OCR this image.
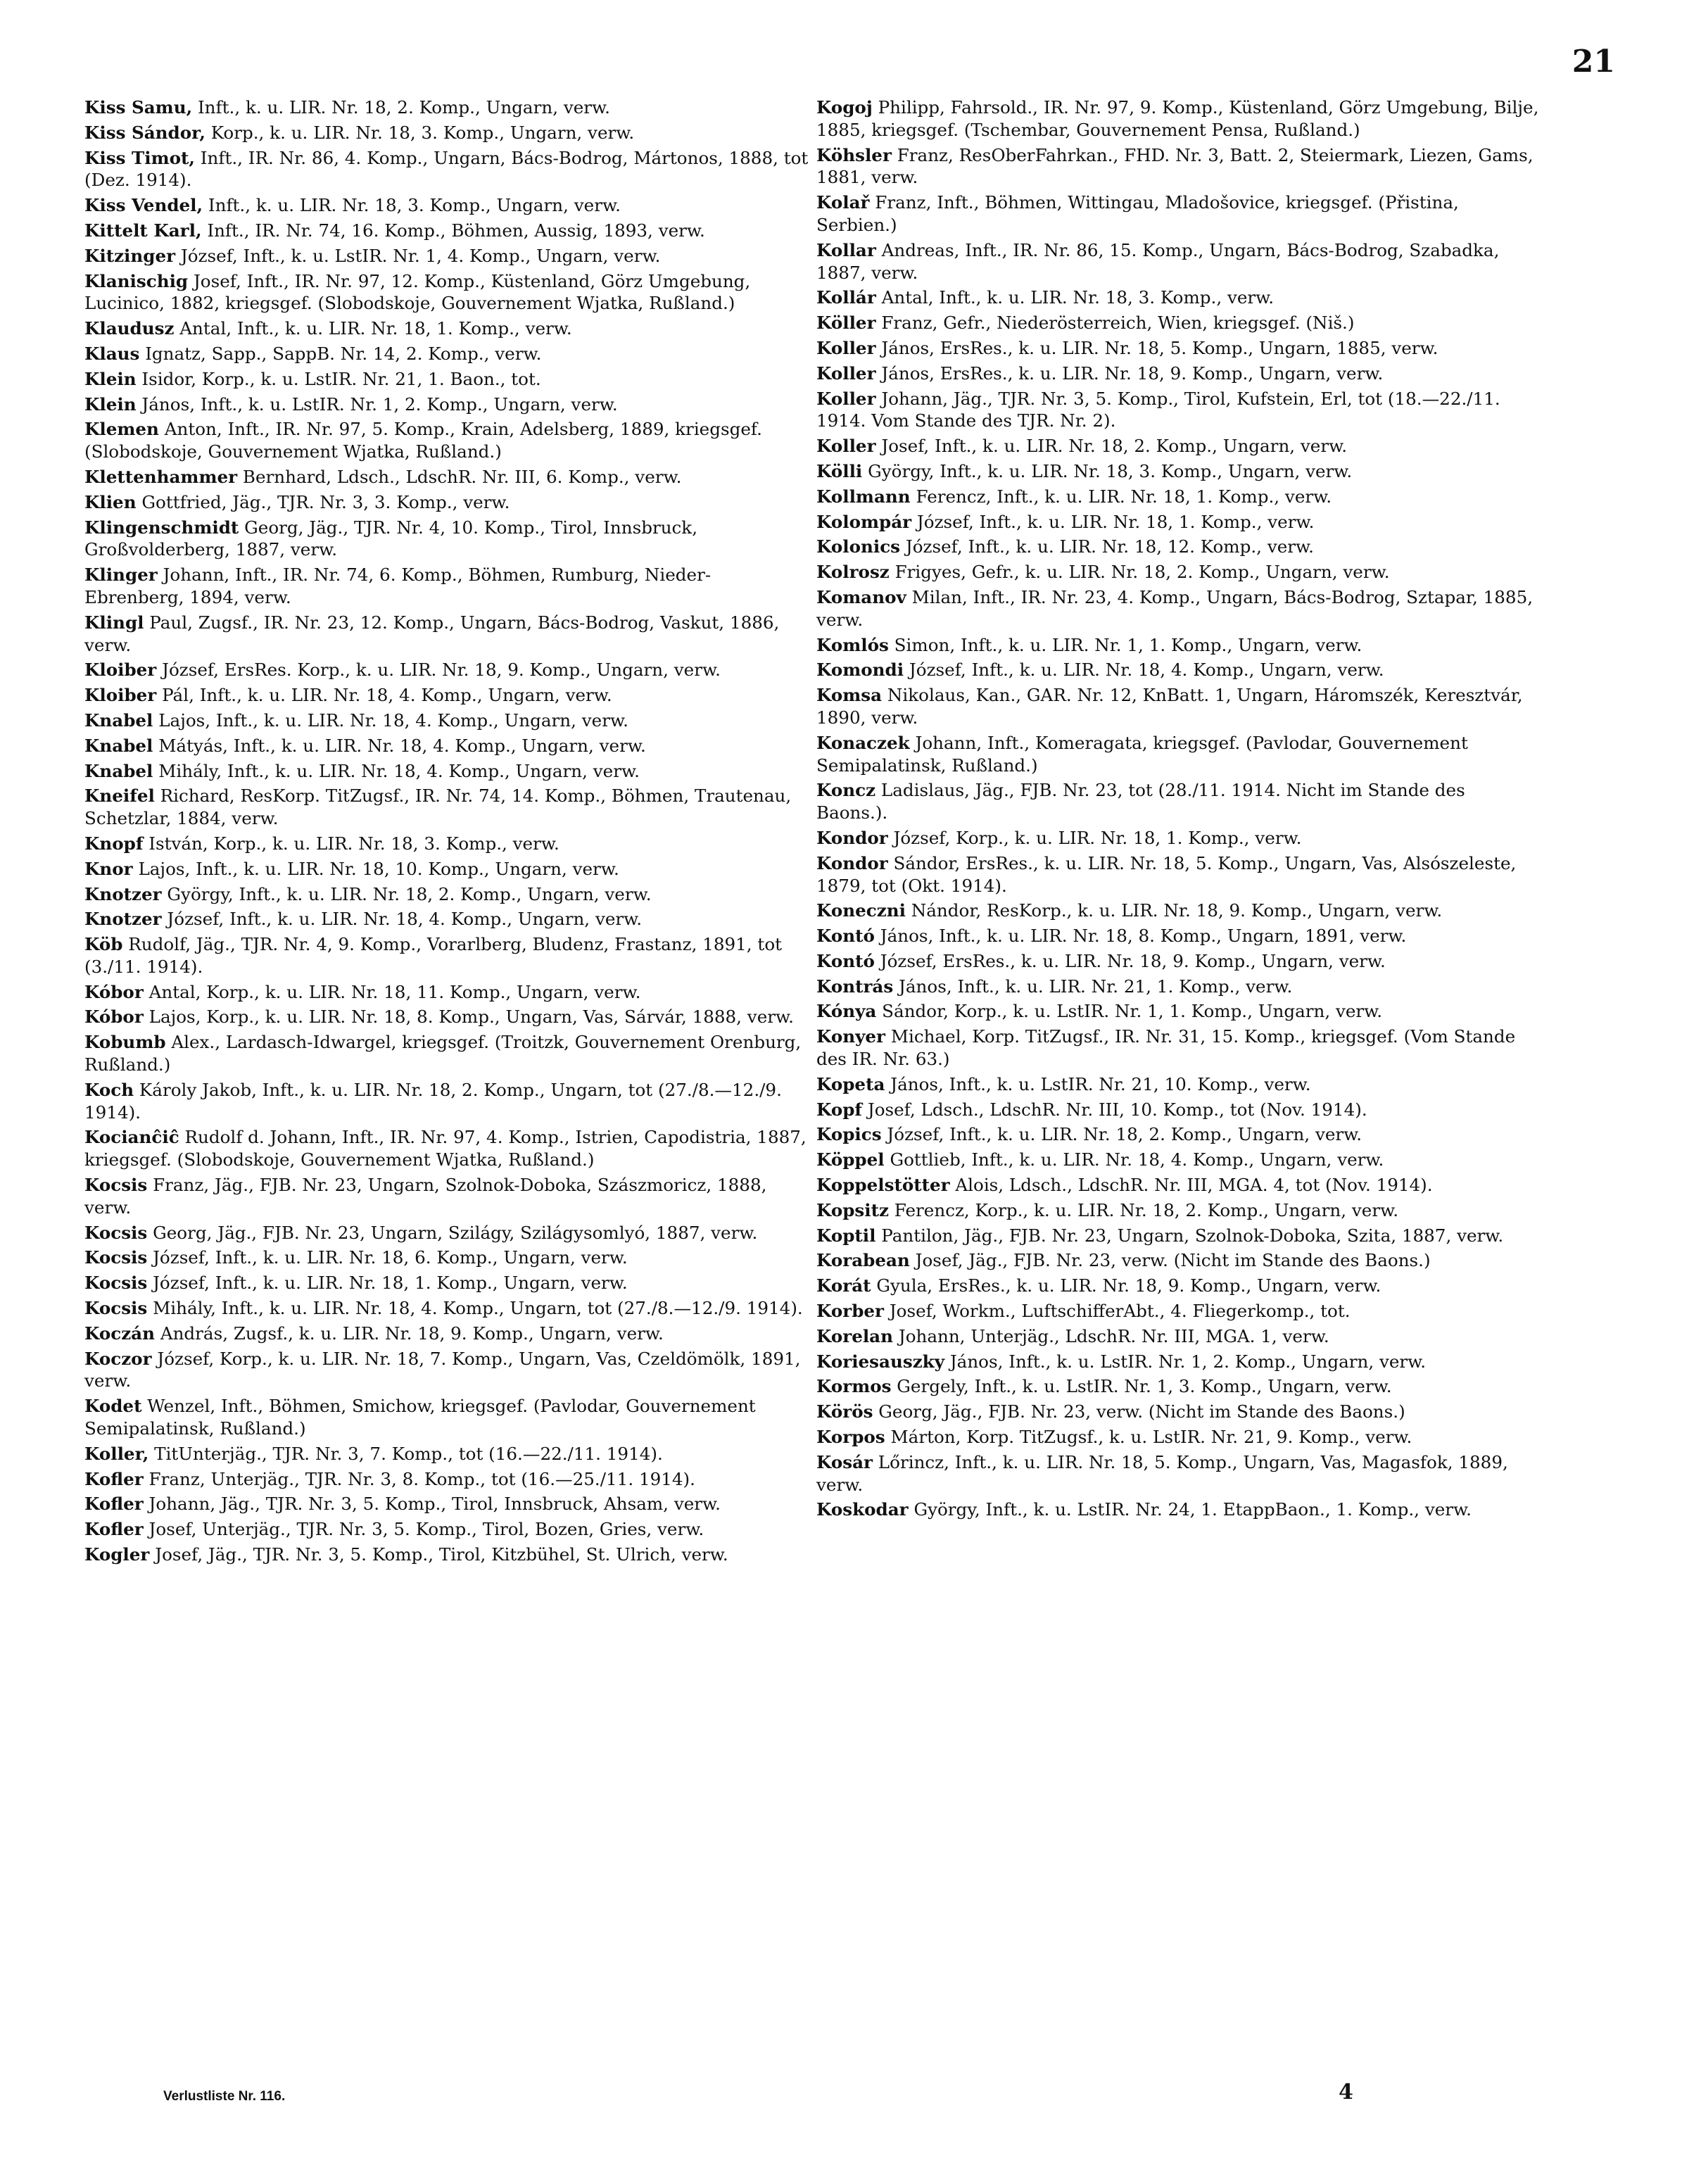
21

Kiss Samu, Inft., k. u. LIR. Nr. 18, 2. Komp., Ungarn, verw.

Kiss Sándor, Korp., k. u. LIR. Nr. 18, 3. Komp., Ungarn, verw.

Kiss Timot, Inft., IR. Nr. 86, 4. Komp., Ungarn, Bács-Bodrog, Mártonos, 1888, tot (Dez. 1914).

Kiss Vendel, Inft., k. u. LIR. Nr. 18, 3. Komp., Ungarn, verw.

Kittelt Karl, Inft., IR. Nr. 74, 16. Komp., Böhmen, Aussig, 1893, verw.

Kitzinger József, Inft., k. u. LstIR. Nr. 1, 4. Komp., Ungarn, verw.

Klanischig Josef, Inft., IR. Nr. 97, 12. Komp., Küstenland, Görz Umgebung, Lucinico, 1882, kriegsgef. (Slobodskoje, Gouvernement Wjatka, Rußland.)

Klaudusz Antal, Inft., k. u. LIR. Nr. 18, 1. Komp., verw.

Klaus Ignatz, Sapp., SappB. Nr. 14, 2. Komp., verw.

Klein Isidor, Korp., k. u. LstIR. Nr. 21, 1. Baon., tot.

Klein János, Inft., k. u. LstIR. Nr. 1, 2. Komp., Ungarn, verw.

Klemen Anton, Inft., IR. Nr. 97, 5. Komp., Krain, Adelsberg, 1889, kriegsgef. (Slobodskoje, Gouvernement Wjatka, Rußland.)

Klettenhammer Bernhard, Ldsch., LdschR. Nr. III, 6. Komp., verw.

Klien Gottfried, Jäg., TJR. Nr. 3, 3. Komp., verw.

Klingenschmidt Georg, Jäg., TJR. Nr. 4, 10. Komp., Tirol, Innsbruck, Großvolderberg, 1887, verw.

Klinger Johann, Inft., IR. Nr. 74, 6. Komp., Böhmen, Rumburg, Nieder-Ebrenberg, 1894, verw.

Klingl Paul, Zugsf., IR. Nr. 23, 12. Komp., Ungarn, Bács-Bodrog, Vaskut, 1886, verw.

Kloiber József, ErsRes. Korp., k. u. LIR. Nr. 18, 9. Komp., Ungarn, verw.

Kloiber Pál, Inft., k. u. LIR. Nr. 18, 4. Komp., Ungarn, verw.

Knabel Lajos, Inft., k. u. LIR. Nr. 18, 4. Komp., Ungarn, verw.

Knabel Mátyás, Inft., k. u. LIR. Nr. 18, 4. Komp., Ungarn, verw.

Knabel Mihály, Inft., k. u. LIR. Nr. 18, 4. Komp., Ungarn, verw.

Kneifel Richard, ResKorp. TitZugsf., IR. Nr. 74, 14. Komp., Böhmen, Trautenau, Schetzlar, 1884, verw.

Knopf István, Korp., k. u. LIR. Nr. 18, 3. Komp., verw.

Knor Lajos, Inft., k. u. LIR. Nr. 18, 10. Komp., Ungarn, verw.

Knotzer György, Inft., k. u. LIR. Nr. 18, 2. Komp., Ungarn, verw.

Knotzer József, Inft., k. u. LIR. Nr. 18, 4. Komp., Ungarn, verw.

Köb Rudolf, Jäg., TJR. Nr. 4, 9. Komp., Vorarlberg, Bludenz, Frastanz, 1891, tot (3./11. 1914).

Kóbor Antal, Korp., k. u. LIR. Nr. 18, 11. Komp., Ungarn, verw.

Kóbor Lajos, Korp., k. u. LIR. Nr. 18, 8. Komp., Ungarn, Vas, Sárvár, 1888, verw.

Kobumb Alex., Lardasch-Idwargel, kriegsgef. (Troitzk, Gouvernement Orenburg, Rußland.)

Koch Károly Jakob, Inft., k. u. LIR. Nr. 18, 2. Komp., Ungarn, tot (27./8.—12./9. 1914).

Kocianĉiĉ Rudolf d. Johann, Inft., IR. Nr. 97, 4. Komp., Istrien, Capodistria, 1887, kriegsgef. (Slobodskoje, Gouvernement Wjatka, Rußland.)

Kocsis Franz, Jäg., FJB. Nr. 23, Ungarn, Szolnok-Doboka, Szászmoricz, 1888, verw.

Kocsis Georg, Jäg., FJB. Nr. 23, Ungarn, Szilágy, Szilágysomlyó, 1887, verw.

Kocsis József, Inft., k. u. LIR. Nr. 18, 6. Komp., Ungarn, verw.

Kocsis József, Inft., k. u. LIR. Nr. 18, 1. Komp., Ungarn, verw.

Kocsis Mihály, Inft., k. u. LIR. Nr. 18, 4. Komp., Ungarn, tot (27./8.—12./9. 1914).

Koczán András, Zugsf., k. u. LIR. Nr. 18, 9. Komp., Ungarn, verw.

Koczor József, Korp., k. u. LIR. Nr. 18, 7. Komp., Ungarn, Vas, Czeldömölk, 1891, verw.

Kodet Wenzel, Inft., Böhmen, Smichow, kriegsgef. (Pavlodar, Gouvernement Semipalatinsk, Rußland.)

Koller, TitUnterjäg., TJR. Nr. 3, 7. Komp., tot (16.—22./11. 1914).

Kofler Franz, Unterjäg., TJR. Nr. 3, 8. Komp., tot (16.—25./11. 1914).

Kofler Johann, Jäg., TJR. Nr. 3, 5. Komp., Tirol, Innsbruck, Ahsam, verw.

Kofler Josef, Unterjäg., TJR. Nr. 3, 5. Komp., Tirol, Bozen, Gries, verw.

Kogler Josef, Jäg., TJR. Nr. 3, 5. Komp., Tirol, Kitzbühel, St. Ulrich, verw.

Kogoj Philipp, Fahrsold., IR. Nr. 97, 9. Komp., Küstenland, Görz Umgebung, Bilje, 1885, kriegsgef. (Tschembar, Gouvernement Pensa, Rußland.)

Köhsler Franz, ResOberFahrkan., FHD. Nr. 3, Batt. 2, Steiermark, Liezen, Gams, 1881, verw.

Kolař Franz, Inft., Böhmen, Wittingau, Mladošovice, kriegsgef. (Přistina, Serbien.)

Kollar Andreas, Inft., IR. Nr. 86, 15. Komp., Ungarn, Bács-Bodrog, Szabadka, 1887, verw.

Kollár Antal, Inft., k. u. LIR. Nr. 18, 3. Komp., verw.

Köller Franz, Gefr., Niederösterreich, Wien, kriegsgef. (Niš.)

Koller János, ErsRes., k. u. LIR. Nr. 18, 5. Komp., Ungarn, 1885, verw.

Koller János, ErsRes., k. u. LIR. Nr. 18, 9. Komp., Ungarn, verw.

Koller Johann, Jäg., TJR. Nr. 3, 5. Komp., Tirol, Kufstein, Erl, tot (18.—22./11. 1914. Vom Stande des TJR. Nr. 2).

Koller Josef, Inft., k. u. LIR. Nr. 18, 2. Komp., Ungarn, verw.

Kölli György, Inft., k. u. LIR. Nr. 18, 3. Komp., Ungarn, verw.

Kollmann Ferencz, Inft., k. u. LIR. Nr. 18, 1. Komp., verw.

Kolompár József, Inft., k. u. LIR. Nr. 18, 1. Komp., verw.

Kolonics József, Inft., k. u. LIR. Nr. 18, 12. Komp., verw.

Kolrosz Frigyes, Gefr., k. u. LIR. Nr. 18, 2. Komp., Ungarn, verw.

Komanov Milan, Inft., IR. Nr. 23, 4. Komp., Ungarn, Bács-Bodrog, Sztapar, 1885, verw.

Komlós Simon, Inft., k. u. LIR. Nr. 1, 1. Komp., Ungarn, verw.

Komondi József, Inft., k. u. LIR. Nr. 18, 4. Komp., Ungarn, verw.

Komsa Nikolaus, Kan., GAR. Nr. 12, KnBatt. 1, Ungarn, Háromszék, Keresztvár, 1890, verw.

Konaczek Johann, Inft., Komeragata, kriegsgef. (Pavlodar, Gouvernement Semipalatinsk, Rußland.)

Koncz Ladislaus, Jäg., FJB. Nr. 23, tot (28./11. 1914. Nicht im Stande des Baons.).

Kondor József, Korp., k. u. LIR. Nr. 18, 1. Komp., verw.

Kondor Sándor, ErsRes., k. u. LIR. Nr. 18, 5. Komp., Ungarn, Vas, Alsószeleste, 1879, tot (Okt. 1914).

Koneczni Nándor, ResKorp., k. u. LIR. Nr. 18, 9. Komp., Ungarn, verw.

Kontó János, Inft., k. u. LIR. Nr. 18, 8. Komp., Ungarn, 1891, verw.

Kontó József, ErsRes., k. u. LIR. Nr. 18, 9. Komp., Ungarn, verw.

Kontrás János, Inft., k. u. LIR. Nr. 21, 1. Komp., verw.

Kónya Sándor, Korp., k. u. LstIR. Nr. 1, 1. Komp., Ungarn, verw.

Konyer Michael, Korp. TitZugsf., IR. Nr. 31, 15. Komp., kriegsgef. (Vom Stande des IR. Nr. 63.)

Kopeta János, Inft., k. u. LstIR. Nr. 21, 10. Komp., verw.

Kopf Josef, Ldsch., LdschR. Nr. III, 10. Komp., tot (Nov. 1914).

Kopics József, Inft., k. u. LIR. Nr. 18, 2. Komp., Ungarn, verw.

Köppel Gottlieb, Inft., k. u. LIR. Nr. 18, 4. Komp., Ungarn, verw.

Koppelstötter Alois, Ldsch., LdschR. Nr. III, MGA. 4, tot (Nov. 1914).

Kopsitz Ferencz, Korp., k. u. LIR. Nr. 18, 2. Komp., Ungarn, verw.

Koptil Pantilon, Jäg., FJB. Nr. 23, Ungarn, Szolnok-Doboka, Szita, 1887, verw.

Korabean Josef, Jäg., FJB. Nr. 23, verw. (Nicht im Stande des Baons.)

Korát Gyula, ErsRes., k. u. LIR. Nr. 18, 9. Komp., Ungarn, verw.

Korber Josef, Workm., LuftschifferAbt., 4. Fliegerkomp., tot.

Korelan Johann, Unterjäg., LdschR. Nr. III, MGA. 1, verw.

Koriesauszky János, Inft., k. u. LstIR. Nr. 1, 2. Komp., Ungarn, verw.

Kormos Gergely, Inft., k. u. LstIR. Nr. 1, 3. Komp., Ungarn, verw.

Körös Georg, Jäg., FJB. Nr. 23, verw. (Nicht im Stande des Baons.)

Korpos Márton, Korp. TitZugsf., k. u. LstIR. Nr. 21, 9. Komp., verw.

Kosár Lőrincz, Inft., k. u. LIR. Nr. 18, 5. Komp., Ungarn, Vas, Magasfok, 1889, verw.

Koskodar György, Inft., k. u. LstIR. Nr. 24, 1. EtappBaon., 1. Komp., verw.

Verlustliste Nr. 116.	4
